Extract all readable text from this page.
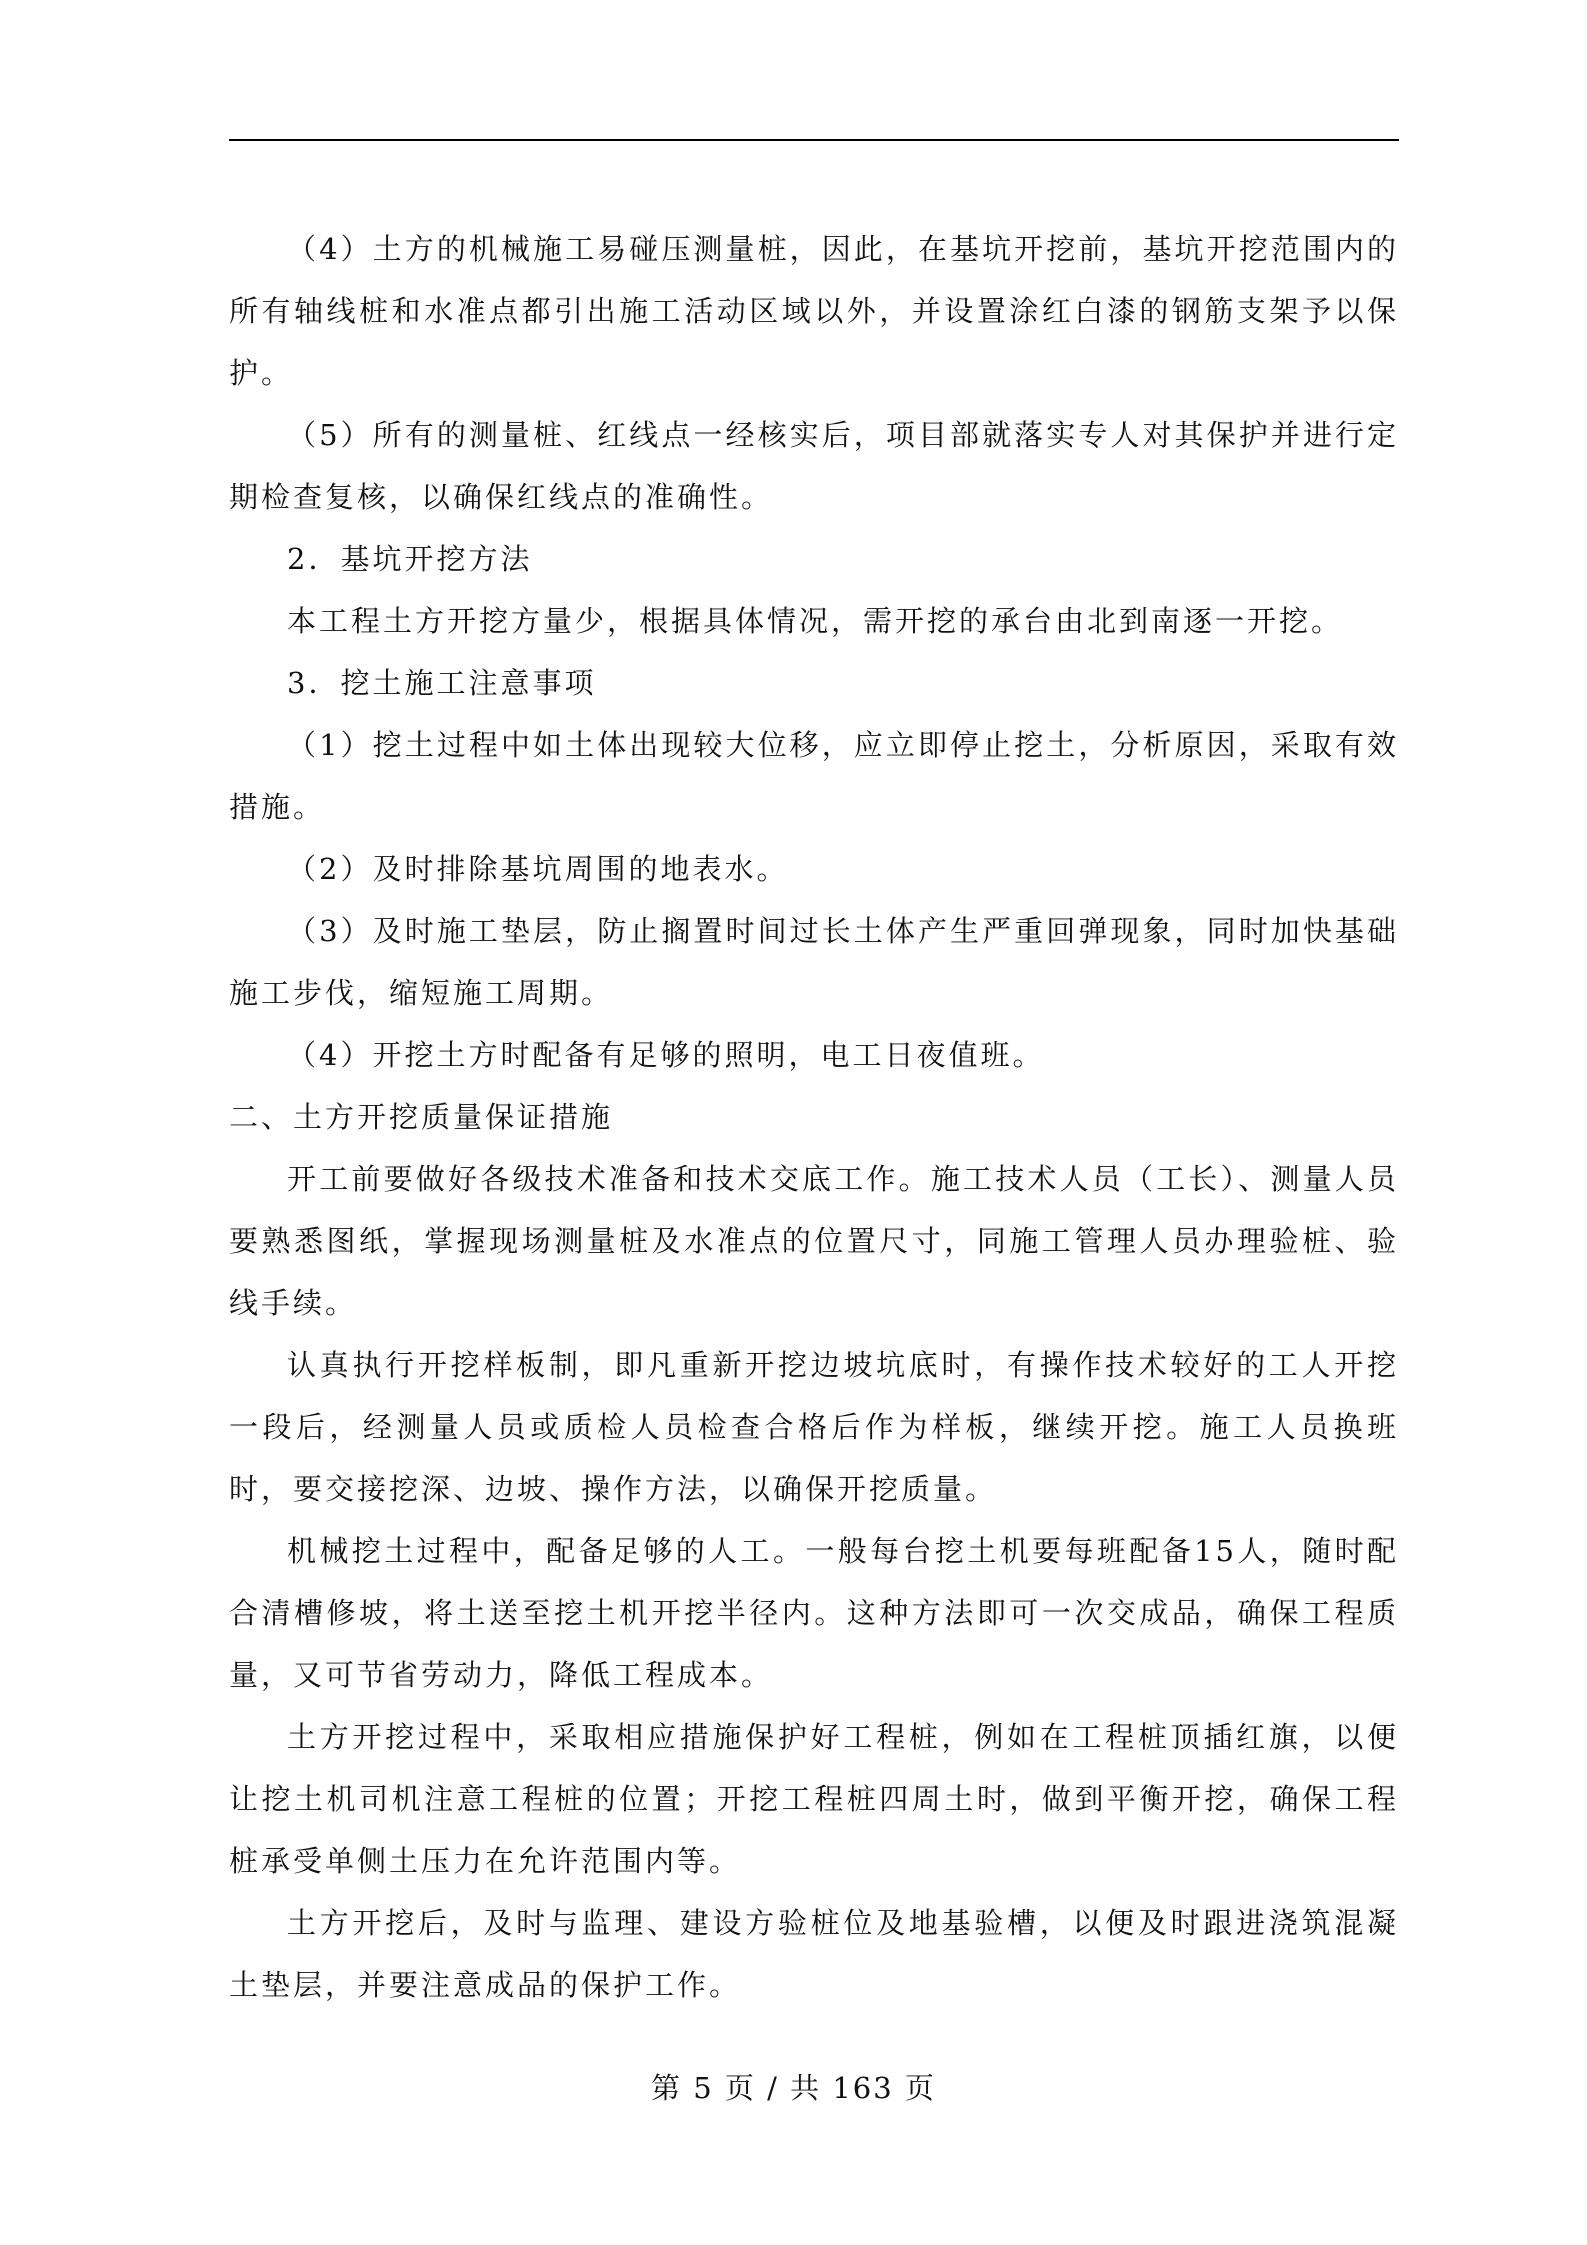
（4）土方的机械施工易碰压测量桩，因此，在基坑开挖前，基坑开挖范围内的所有轴线桩和水准点都引出施工活动区域以外，并设置涂红白漆的钢筋支架予以保护。

（5）所有的测量桩、红线点一经核实后，项目部就落实专人对其保护并进行定期检查复核，以确保红线点的准确性。

2．基坑开挖方法

本工程土方开挖方量少，根据具体情况，需开挖的承台由北到南逐一开挖。

3．挖土施工注意事项

（1）挖土过程中如土体出现较大位移，应立即停止挖土，分析原因，采取有效措施。

（2）及时排除基坑周围的地表水。

（3）及时施工垫层，防止搁置时间过长土体产生严重回弹现象，同时加快基础施工步伐，缩短施工周期。

（4）开挖土方时配备有足够的照明，电工日夜值班。

二、土方开挖质量保证措施

开工前要做好各级技术准备和技术交底工作。施工技术人员（工长）、测量人员要熟悉图纸，掌握现场测量桩及水准点的位置尺寸，同施工管理人员办理验桩、验线手续。

认真执行开挖样板制，即凡重新开挖边坡坑底时，有操作技术较好的工人开挖一段后，经测量人员或质检人员检查合格后作为样板，继续开挖。施工人员换班时，要交接挖深、边坡、操作方法，以确保开挖质量。

机械挖土过程中，配备足够的人工。一般每台挖土机要每班配备15人，随时配合清槽修坡，将土送至挖土机开挖半径内。这种方法即可一次交成品，确保工程质量，又可节省劳动力，降低工程成本。

土方开挖过程中，采取相应措施保护好工程桩，例如在工程桩顶插红旗，以便让挖土机司机注意工程桩的位置；开挖工程桩四周土时，做到平衡开挖，确保工程桩承受单侧土压力在允许范围内等。

土方开挖后，及时与监理、建设方验桩位及地基验槽，以便及时跟进浇筑混凝土垫层，并要注意成品的保护工作。

第 5 页 / 共 163 页
